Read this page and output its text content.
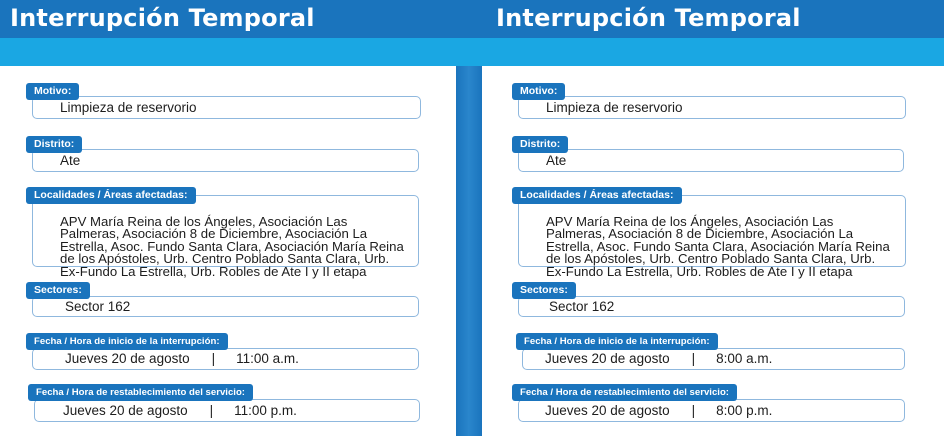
Interrupción Temporal
Motivo:
Limpieza de reservorio
Distrito:
Ate
Localidades / Áreas afectadas:
APV María Reina de los Ángeles, Asociación Las Palmeras, Asociación 8 de Diciembre, Asociación La Estrella, Asoc. Fundo Santa Clara, Asociación María Reina de los Apóstoles, Urb. Centro Poblado Santa Clara, Urb. Ex-Fundo La Estrella, Urb. Robles de Ate I y II etapa
Sectores:
Sector 162
Fecha / Hora de inicio de la interrupción:
Jueves 20 de agosto | 11:00 a.m.
Fecha / Hora de restablecimiento del servicio:
Jueves 20 de agosto | 11:00 p.m.
Interrupción Temporal
Motivo:
Limpieza de reservorio
Distrito:
Ate
Localidades / Áreas afectadas:
APV María Reina de los Ángeles, Asociación Las Palmeras, Asociación 8 de Diciembre, Asociación La Estrella, Asoc. Fundo Santa Clara, Asociación María Reina de los Apóstoles, Urb. Centro Poblado Santa Clara, Urb. Ex-Fundo La Estrella, Urb. Robles de Ate I y II etapa
Sectores:
Sector 162
Fecha / Hora de inicio de la interrupción:
Jueves 20 de agosto | 8:00 a.m.
Fecha / Hora de restablecimiento del servicio:
Jueves 20 de agosto | 8:00 p.m.
